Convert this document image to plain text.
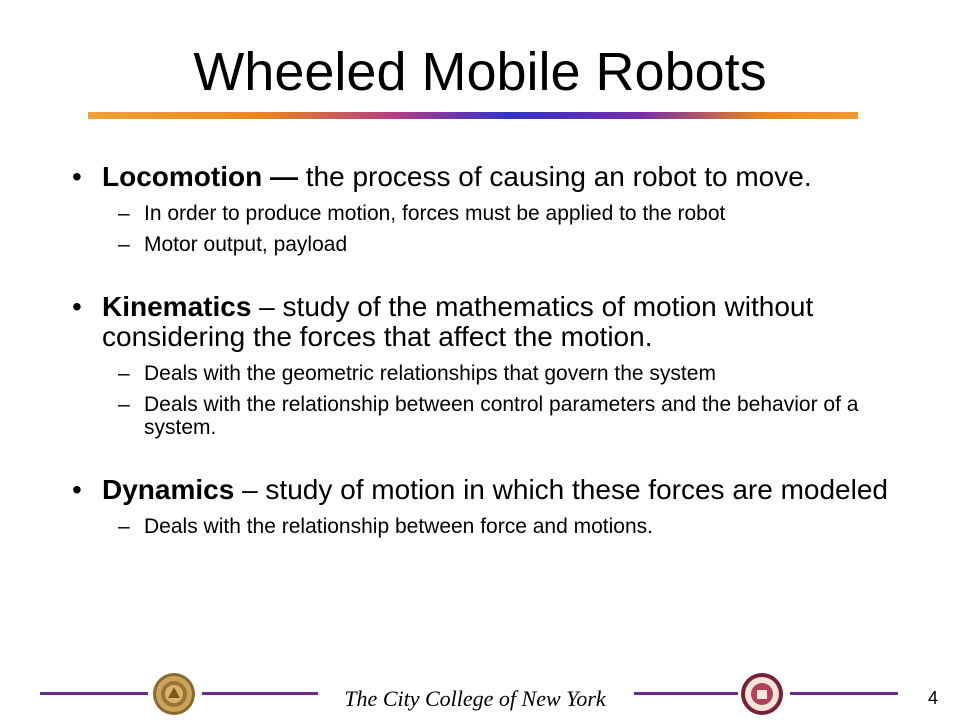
Wheeled Mobile Robots
• Locomotion — the process of causing an robot to move.
– In order to produce motion, forces must be applied to the robot
– Motor output, payload
• Kinematics – study of the mathematics of motion without considering the forces that affect the motion.
– Deals with the geometric relationships that govern the system
– Deals with the relationship between control parameters and the behavior of a system.
• Dynamics – study of motion in which these forces are modeled
– Deals with the relationship between force and motions.
The City College of New York	4
